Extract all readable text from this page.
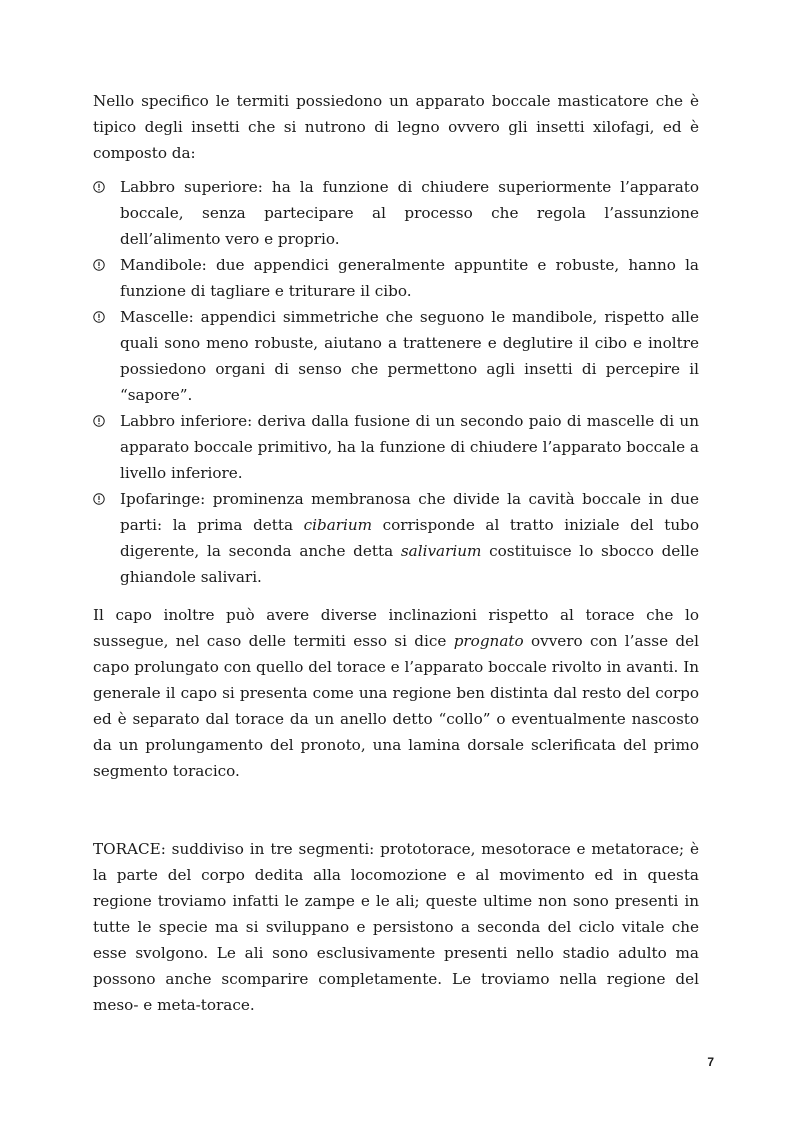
Nello specifico le termiti possiedono un apparato boccale masticatore che è tipico degli insetti che si nutrono di legno ovvero gli insetti xilofagi, ed è composto da:

Labbro superiore: ha la funzione di chiudere superiormente l’apparato boccale, senza partecipare al processo che regola l’assunzione dell’alimento vero e proprio.
Mandibole: due appendici generalmente appuntite e robuste, hanno la funzione di tagliare e triturare il cibo.
Mascelle: appendici simmetriche che seguono le mandibole, rispetto alle quali sono meno robuste, aiutano a trattenere e deglutire il cibo e inoltre possiedono organi di senso che permettono agli insetti di percepire il “sapore”.
Labbro inferiore: deriva dalla fusione di un secondo paio di mascelle di un apparato boccale primitivo, ha la funzione di chiudere l’apparato boccale a livello inferiore.
Ipofaringe: prominenza membranosa che divide la cavità boccale in due parti: la prima detta cibarium corrisponde al tratto iniziale del tubo digerente, la seconda anche detta salivarium costituisce lo sbocco delle ghiandole salivari.

Il capo inoltre può avere diverse inclinazioni rispetto al torace che lo sussegue, nel caso delle termiti esso si dice prognato ovvero con l’asse del capo prolungato con quello del torace e l’apparato boccale rivolto in avanti. In generale il capo si presenta come una regione ben distinta dal resto del corpo ed è separato dal torace da un anello detto “collo” o eventualmente nascosto da un prolungamento del pronoto, una lamina dorsale sclerificata del primo segmento toracico.

TORACE: suddiviso in tre segmenti: prototorace, mesotorace e metatorace; è la parte del corpo dedita alla locomozione e al movimento ed in questa regione troviamo infatti le zampe e le ali; queste ultime non sono presenti in tutte le specie ma si sviluppano e persistono a seconda del ciclo vitale che esse svolgono. Le ali sono esclusivamente presenti nello stadio adulto ma possono anche scomparire completamente. Le troviamo nella regione del meso- e meta-torace.

7
